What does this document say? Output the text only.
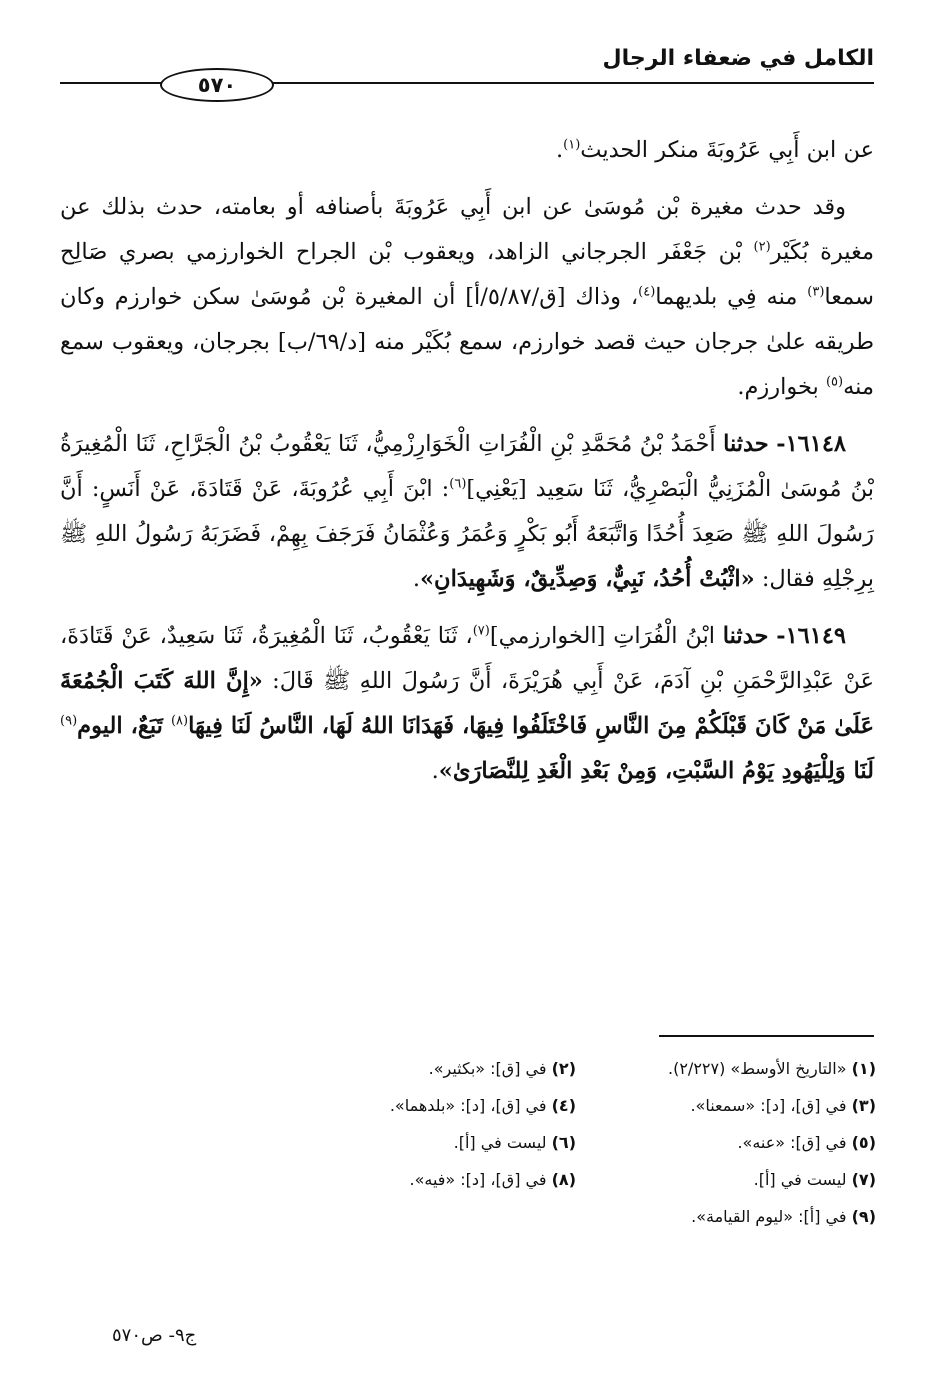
الكامل في ضعفاء الرجال
٥٧٠

عن ابن أَبِي عَرُوبَةَ منكر الحديث$^{(١)}$.

وقد حدث مغيرة بْن مُوسَىٰ عن ابن أَبِي عَرُوبَةَ بأصنافه أو بعامته، حدث بذلك عن مغيرة بُكَيْر$^{(٢)}$ بْن جَعْفَر الجرجاني الزاهد، ويعقوب بْن الجراح الخوارزمي بصري صَالِح سمعا$^{(٣)}$ منه فِي بلديهما$^{(٤)}$، وذاك [ق/٥/٨٧/أ] أن المغيرة بْن مُوسَىٰ سكن خوارزم وكان طريقه علىٰ جرجان حيث قصد خوارزم، سمع بُكَيْر منه [د/٦٩/ب] بجرجان، ويعقوب سمع منه$^{(٥)}$ بخوارزم.

١٦١٤٨- حدثنا أَحْمَدُ بْنُ مُحَمَّدِ بْنِ الْفُرَاتِ الْخَوَارِزْمِيُّ، ثَنَا يَعْقُوبُ بْنُ الْجَرَّاحِ، ثَنَا الْمُغِيرَةُ بْنُ مُوسَىٰ الْمُزَنِيُّ الْبَصْرِيُّ، ثَنَا سَعِيد [يَعْنِي]$^{(٦)}$: ابْنَ أَبِي عُرُوبَةَ، عَنْ قَتَادَةَ، عَنْ أَنَسٍ: أَنَّ رَسُولَ اللهِ ﷺ صَعِدَ أُحُدًا وَاتَّبَعَهُ أَبُو بَكْرٍ وَعُمَرُ وَعُثْمَانُ فَرَجَفَ بِهِمْ، فَضَرَبَهُ رَسُولُ اللهِ ﷺ بِرِجْلِهِ فقال: «اثْبُتْ أُحُدُ، نَبِيٌّ، وَصِدِّيقٌ، وَشَهِيدَانِ».

١٦١٤٩- حدثنا ابْنُ الْفُرَاتِ [الخوارزمي]$^{(٧)}$، ثَنَا يَعْقُوبُ، ثَنَا الْمُغِيرَةُ، ثَنَا سَعِيدٌ، عَنْ قَتَادَةَ، عَنْ عَبْدِالرَّحْمَنِ بْنِ آدَمَ، عَنْ أَبِي هُرَيْرَةَ، أَنَّ رَسُولَ اللهِ ﷺ قَالَ: «إِنَّ اللهَ كَتَبَ الْجُمُعَةَ عَلَىٰ مَنْ كَانَ قَبْلَكُمْ مِنَ النَّاسِ فَاخْتَلَفُوا فِيهَا، فَهَدَانَا اللهُ لَهَا، النَّاسُ لَنَا فِيهَا$^{(٨)}$ تَبَعٌ، اليوم$^{(٩)}$ لَنَا وَلِلْيَهُودِ يَوْمُ السَّبْتِ، وَمِنْ بَعْدِ الْغَدِ لِلنَّصَارَىٰ».

(١) «التاريخ الأوسط» (٢/٢٢٧).(٢) في [ق]: «بكثير». (٣) في [ق]، [د]: «سمعنا».(٤) في [ق]، [د]: «بلدهما». (٥) في [ق]: «عنه».(٦) ليست في [أ]. (٧) ليست في [أ].(٨) في [ق]، [د]: «فيه». (٩) في [أ]: «ليوم القيامة».
ج٩- ص٥٧٠
